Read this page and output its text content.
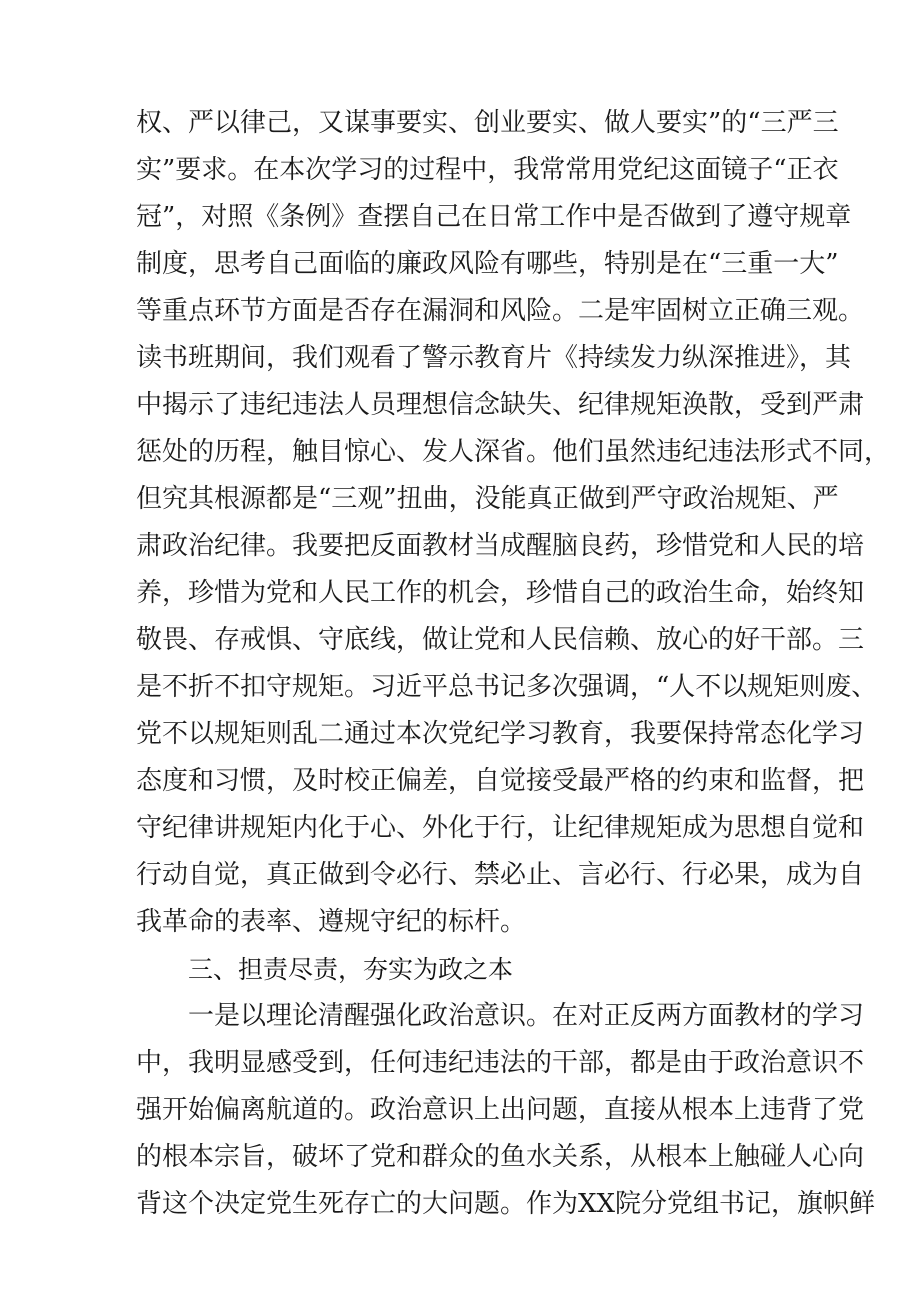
权、严以律己，又谋事要实、创业要实、做人要实”的“三严三
实”要求。在本次学习的过程中，我常常用党纪这面镜子“正衣
冠”，对照《条例》查摆自己在日常工作中是否做到了遵守规章
制度，思考自己面临的廉政风险有哪些，特别是在“三重一大”
等重点环节方面是否存在漏洞和风险。二是牢固树立正确三观。
读书班期间，我们观看了警示教育片《持续发力纵深推进》，其
中揭示了违纪违法人员理想信念缺失、纪律规矩涣散，受到严肃
惩处的历程，触目惊心、发人深省。他们虽然违纪违法形式不同，
但究其根源都是“三观”扭曲，没能真正做到严守政治规矩、严
肃政治纪律。我要把反面教材当成醒脑良药，珍惜党和人民的培
养，珍惜为党和人民工作的机会，珍惜自己的政治生命，始终知
敬畏、存戒惧、守底线，做让党和人民信赖、放心的好干部。三
是不折不扣守规矩。习近平总书记多次强调，“人不以规矩则废、
党不以规矩则乱二通过本次党纪学习教育，我要保持常态化学习
态度和习惯，及时校正偏差，自觉接受最严格的约束和监督，把
守纪律讲规矩内化于心、外化于行，让纪律规矩成为思想自觉和
行动自觉，真正做到令必行、禁必止、言必行、行必果，成为自
我革命的表率、遵规守纪的标杆。
三、担责尽责，夯实为政之本
一是以理论清醒强化政治意识。在对正反两方面教材的学习
中，我明显感受到，任何违纪违法的干部，都是由于政治意识不
强开始偏离航道的。政治意识上出问题，直接从根本上违背了党
的根本宗旨，破坏了党和群众的鱼水关系，从根本上触碰人心向
背这个决定党生死存亡的大问题。作为XX院分党组书记，旗帜鲜
